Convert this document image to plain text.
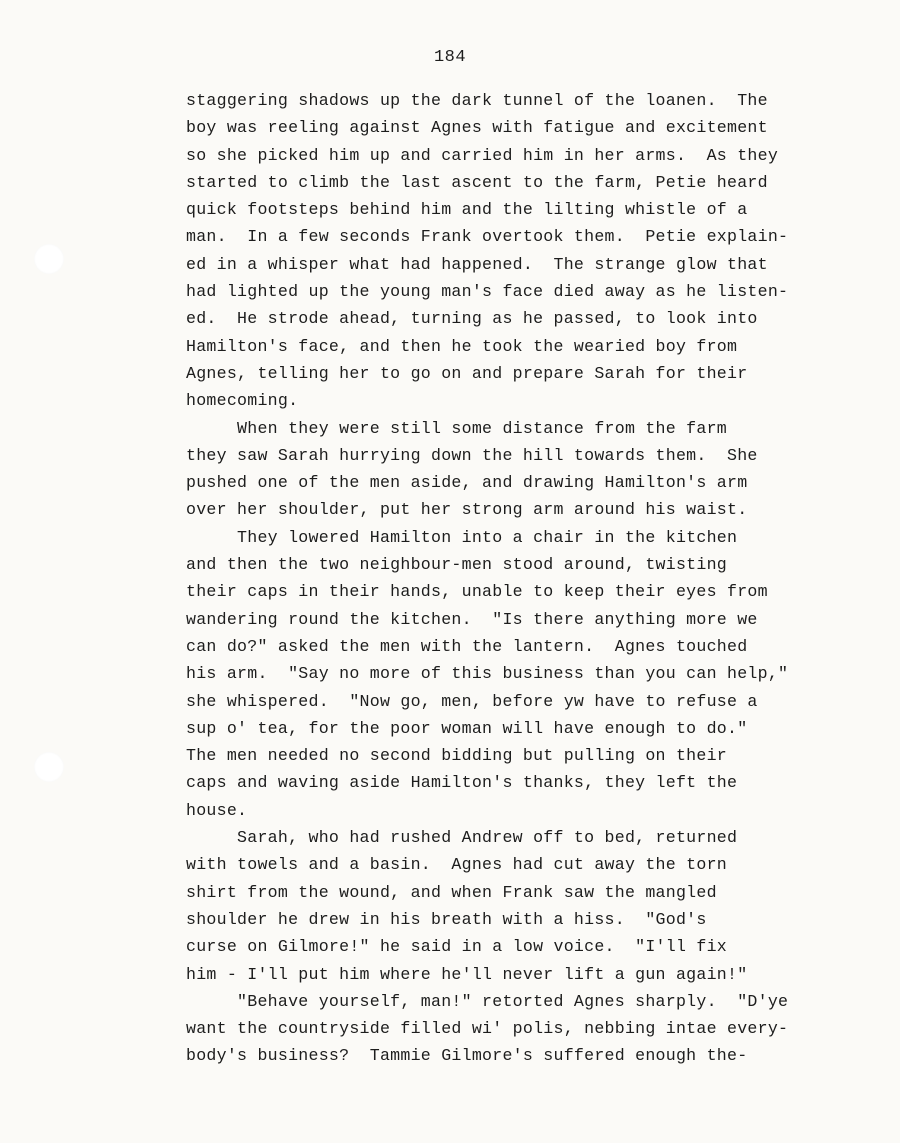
184
staggering shadows up the dark tunnel of the loanen.  The
boy was reeling against Agnes with fatigue and excitement
so she picked him up and carried him in her arms.  As they
started to climb the last ascent to the farm, Petie heard
quick footsteps behind him and the lilting whistle of a
man.  In a few seconds Frank overtook them.  Petie explain-
ed in a whisper what had happened.  The strange glow that
had lighted up the young man's face died away as he listen-
ed.  He strode ahead, turning as he passed, to look into
Hamilton's face, and then he took the wearied boy from
Agnes, telling her to go on and prepare Sarah for their
homecoming.
When they were still some distance from the farm
they saw Sarah hurrying down the hill towards them.  She
pushed one of the men aside, and drawing Hamilton's arm
over her shoulder, put her strong arm around his waist.
They lowered Hamilton into a chair in the kitchen
and then the two neighbour-men stood around, twisting
their caps in their hands, unable to keep their eyes from
wandering round the kitchen.  "Is there anything more we
can do?" asked the men with the lantern.  Agnes touched
his arm.  "Say no more of this business than you can help,"
she whispered.  "Now go, men, before yw have to refuse a
sup o' tea, for the poor woman will have enough to do."
The men needed no second bidding but pulling on their
caps and waving aside Hamilton's thanks, they left the
house.
Sarah, who had rushed Andrew off to bed, returned
with towels and a basin.  Agnes had cut away the torn
shirt from the wound, and when Frank saw the mangled
shoulder he drew in his breath with a hiss.  "God's
curse on Gilmore!" he said in a low voice.  "I'll fix
him - I'll put him where he'll never lift a gun again!"
"Behave yourself, man!" retorted Agnes sharply.  "D'ye
want the countryside filled wi' polis, nebbing intae every-
body's business?  Tammie Gilmore's suffered enough the-
